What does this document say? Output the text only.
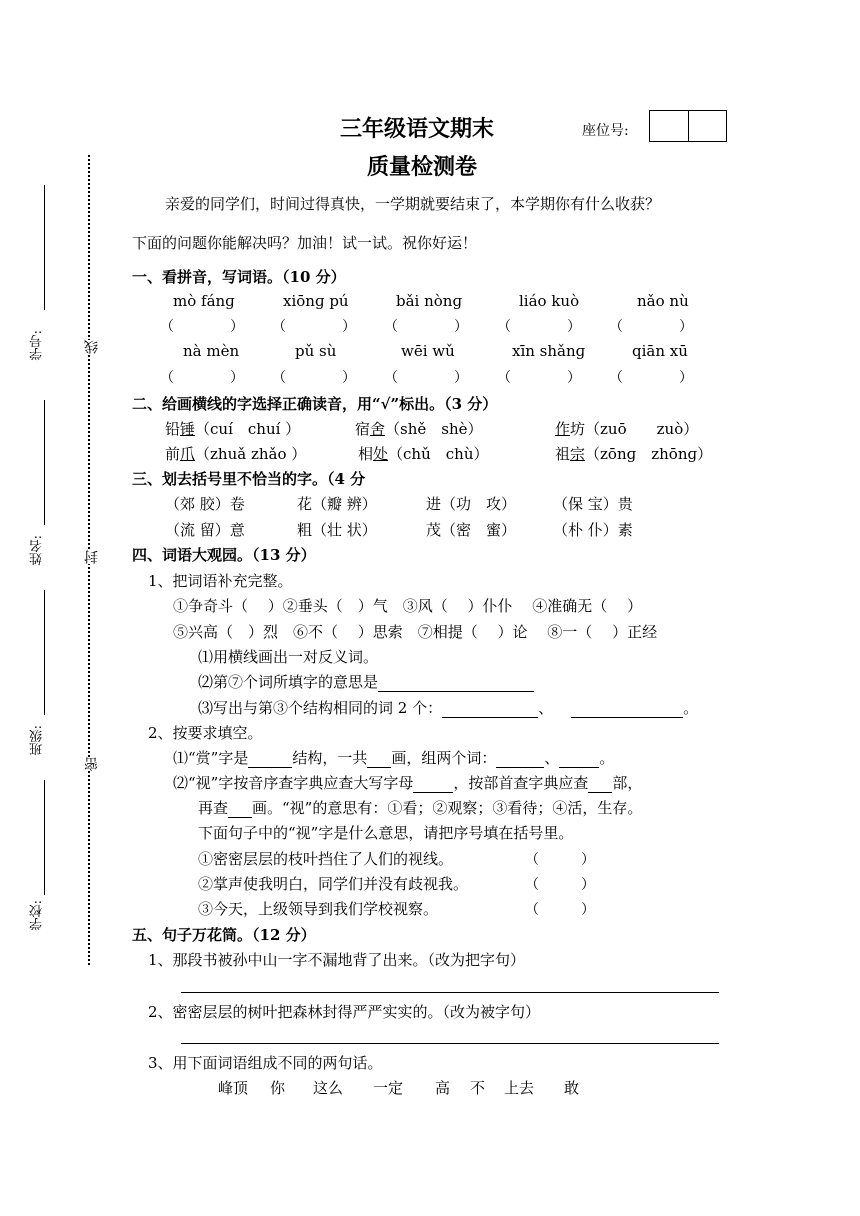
三年级语文期末
质量检测卷
座位号:
线
封
密
学号:
姓名:
班级:
学校:
亲爱的同学们，时间过得真快，一学期就要结束了，本学期你有什么收获？
下面的问题你能解决吗？加油！试一试。祝你好运！
一、看拼音，写词语。（10 分）
mò fánɡ	xiōnɡ pú	bǎi nònɡ	liáo kuò	nǎo nù
（　　　　） （　　　　） （　　　　） （　　　　） （　　　　）
nà mèn	pǔ sù	wēi wǔ	xīn shǎnɡ	qiān xū
（　　　　） （　　　　） （　　　　） （　　　　） （　　　　）
二、给画横线的字选择正确读音，用“√”标出。（3 分）
铅锤（cuí　chuí ）	宿舍（shě　shè）	作坊（zuō　　zuò）
前爪（zhuǎ zhǎo ）	相处（chǔ　chù）	祖宗（zōnɡ　zhōnɡ）
三、划去括号里不恰当的字。（4 分
（郊 胶）卷	花（瓣 辨）	进（功　攻） （保 宝）贵
（流 留）意	粗（壮 状）	茂（密　蜜） （朴 仆）素
四、词语大观园。（13 分）
1、把词语补充完整。
①争奇斗（　 ）②垂头（　）气　③风（　 ）仆仆　 ④准确无（　 ）
⑤兴高（　）烈　⑥不（　 ）思索　⑦相提（　 ）论　 ⑧一（　 ）正经
⑴用横线画出一对反义词。
⑵第⑦个词所填字的意思是
⑶写出与第③个结构相同的词 2 个：	、	。
2、按要求填空。
⑴“赏”字是	结构，一共 画，组两个词：	、	。
⑵“视”字按音序查字典应查大写字母	，按部首查字典应查 部，
再查 画。“视”的意思有：①看；②观察；③看待；④活，生存。
下面句子中的“视”字是什么意思，请把序号填在括号里。
①密密层层的枝叶挡住了人们的视线。	（　　　）
②掌声使我明白，同学们并没有歧视我。	（　　　）
③今天，上级领导到我们学校视察。	（　　　）
五、句子万花筒。（12 分）
1、那段书被孙中山一字不漏地背了出来。（改为把字句）
2、密密层层的树叶把森林封得严严实实的。（改为被字句）
3、用下面词语组成不同的两句话。
峰顶 你 这么 一定 高 不 上去 敢
